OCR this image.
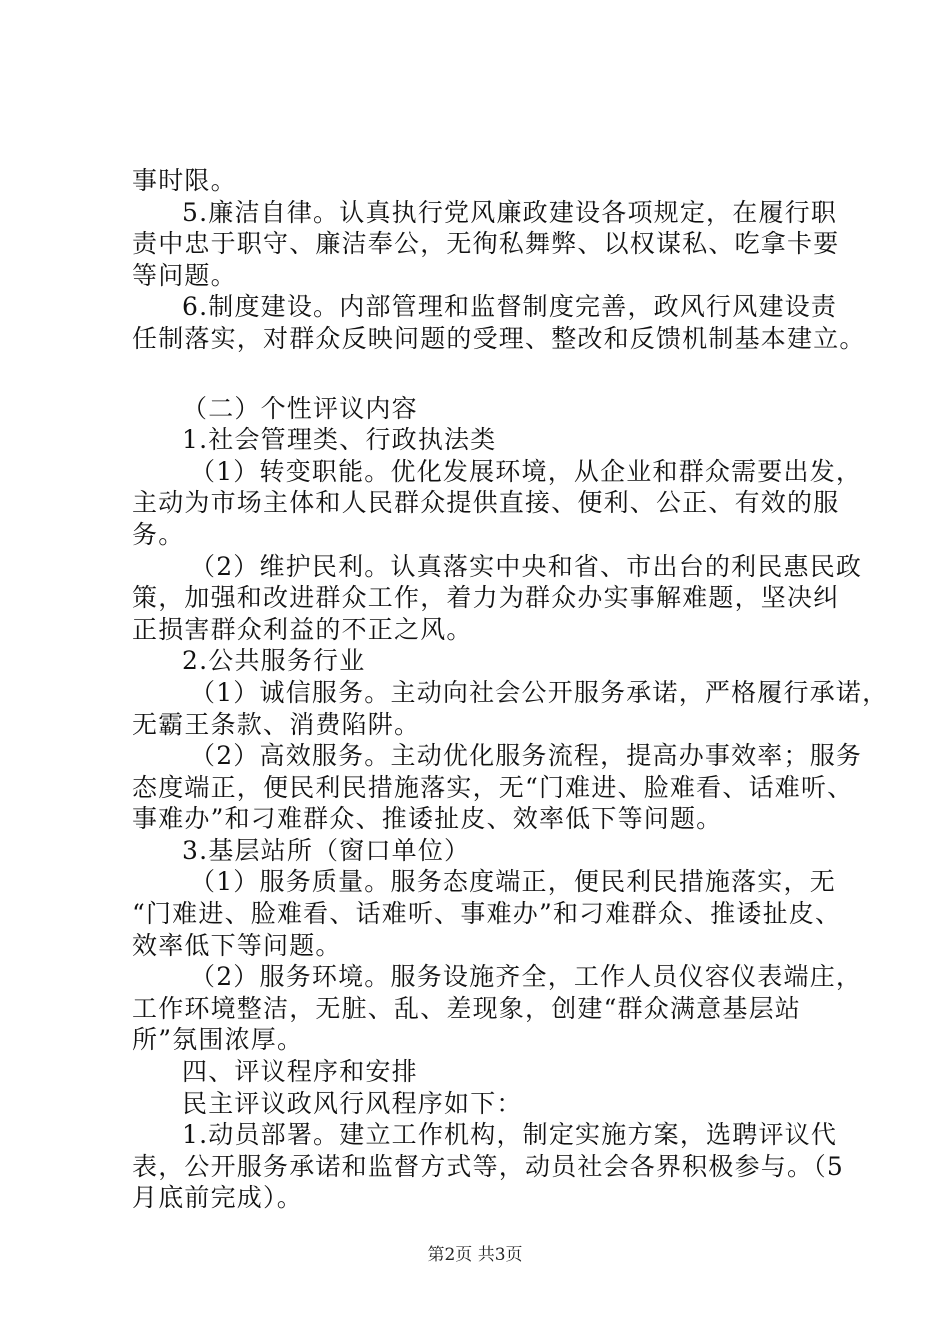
事时限。
5.廉洁自律。认真执行党风廉政建设各项规定，在履行职
责中忠于职守、廉洁奉公，无徇私舞弊、以权谋私、吃拿卡要
等问题。
6.制度建设。内部管理和监督制度完善，政风行风建设责
任制落实，对群众反映问题的受理、整改和反馈机制基本建立。
（二）个性评议内容
1.社会管理类、行政执法类
（1）转变职能。优化发展环境，从企业和群众需要出发，
主动为市场主体和人民群众提供直接、便利、公正、有效的服
务。
（2）维护民利。认真落实中央和省、市出台的利民惠民政
策，加强和改进群众工作，着力为群众办实事解难题，坚决纠
正损害群众利益的不正之风。
2.公共服务行业
（1）诚信服务。主动向社会公开服务承诺，严格履行承诺，
无霸王条款、消费陷阱。
（2）高效服务。主动优化服务流程，提高办事效率；服务
态度端正，便民利民措施落实，无“门难进、脸难看、话难听、
事难办”和刁难群众、推诿扯皮、效率低下等问题。
3.基层站所（窗口单位）
（1）服务质量。服务态度端正，便民利民措施落实，无
“门难进、脸难看、话难听、事难办”和刁难群众、推诿扯皮、
效率低下等问题。
（2）服务环境。服务设施齐全，工作人员仪容仪表端庄，
工作环境整洁，无脏、乱、差现象，创建“群众满意基层站
所”氛围浓厚。
四、评议程序和安排
民主评议政风行风程序如下：
1.动员部署。建立工作机构，制定实施方案，选聘评议代
表，公开服务承诺和监督方式等，动员社会各界积极参与。（5
月底前完成）。
第2页 共3页
